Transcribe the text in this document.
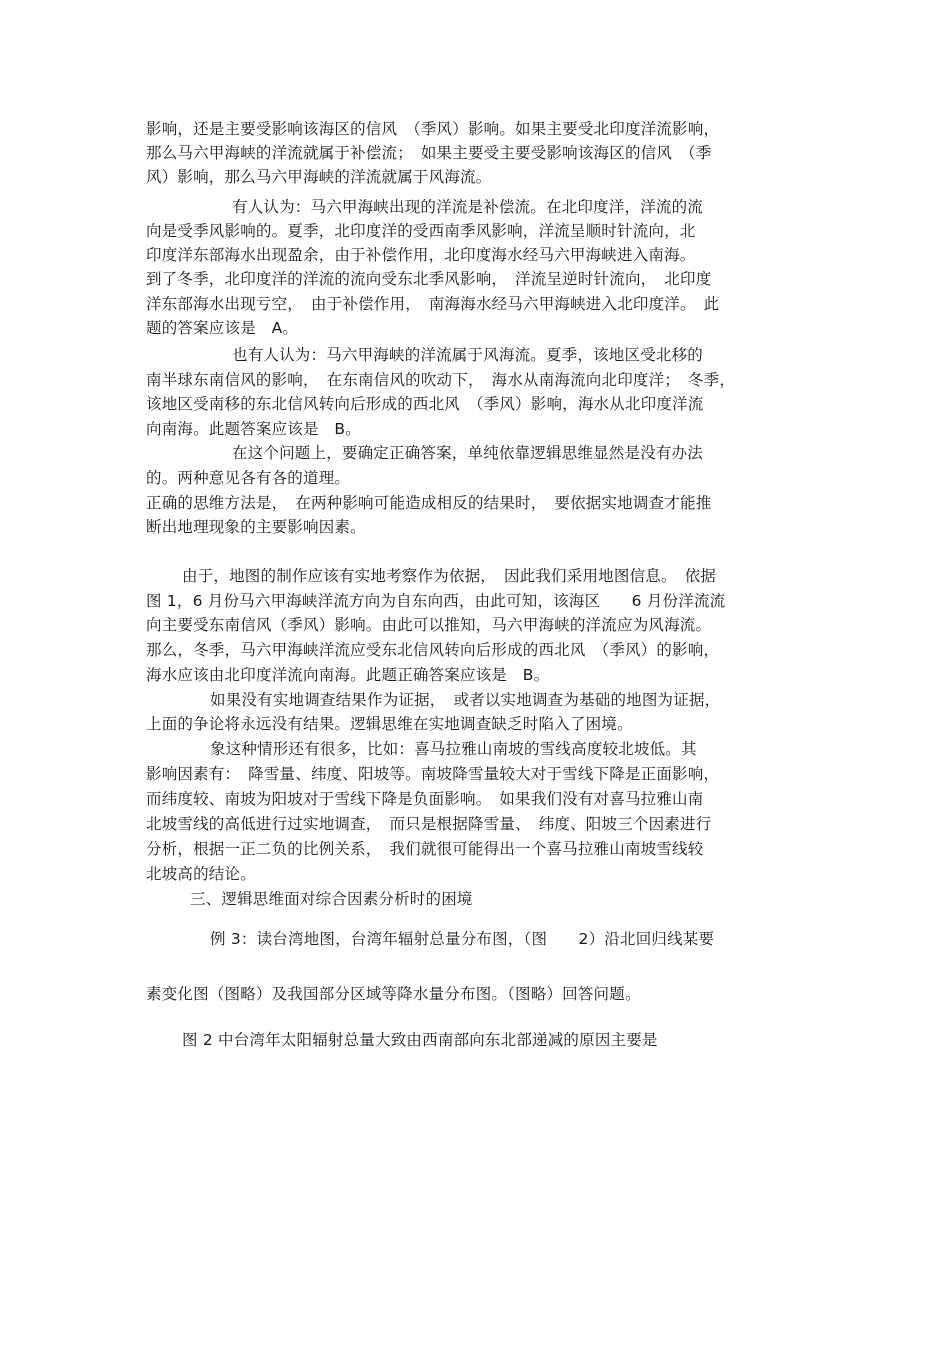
影响，还是主要受影响该海区的信风　（季风）影响。如果主要受北印度洋流影响，

那么马六甲海峡的洋流就属于补偿流；　如果主要受主要受影响该海区的信风　（季

风）影响，那么马六甲海峡的洋流就属于风海流。

有人认为：马六甲海峡出现的洋流是补偿流。在北印度洋，洋流的流

向是受季风影响的。夏季，北印度洋的受西南季风影响，洋流呈顺时针流向，北

印度洋东部海水出现盈余，由于补偿作用，北印度海水经马六甲海峡进入南海。

到了冬季，北印度洋的洋流的流向受东北季风影响，　洋流呈逆时针流向，　北印度

洋东部海水出现亏空，　由于补偿作用，　南海海水经马六甲海峡进入北印度洋。　此

题的答案应该是　A。

也有人认为：马六甲海峡的洋流属于风海流。夏季，该地区受北移的

南半球东南信风的影响，　在东南信风的吹动下，　海水从南海流向北印度洋；　冬季，

该地区受南移的东北信风转向后形成的西北风　（季风）影响，海水从北印度洋流

向南海。此题答案应该是　B。

在这个问题上，要确定正确答案，单纯依靠逻辑思维显然是没有办法

的。两种意见各有各的道理。

正确的思维方法是，　在两种影响可能造成相反的结果时，　要依据实地调查才能推

断出地理现象的主要影响因素。

由于，地图的制作应该有实地考察作为依据，　因此我们采用地图信息。　依据

图 1，6 月份马六甲海峡洋流方向为自东向西，由此可知，该海区　　6 月份洋流流

向主要受东南信风（季风）影响。由此可以推知，马六甲海峡的洋流应为风海流。

那么，冬季，马六甲海峡洋流应受东北信风转向后形成的西北风　（季风）的影响，

海水应该由北印度洋流向南海。此题正确答案应该是　B。

如果没有实地调查结果作为证据，　或者以实地调查为基础的地图为证据，

上面的争论将永远没有结果。逻辑思维在实地调查缺乏时陷入了困境。

象这种情形还有很多，比如：喜马拉雅山南坡的雪线高度较北坡低。其

影响因素有：　降雪量、纬度、阳坡等。南坡降雪量较大对于雪线下降是正面影响，

而纬度较、南坡为阳坡对于雪线下降是负面影响。　如果我们没有对喜马拉雅山南

北坡雪线的高低进行过实地调查，　而只是根据降雪量、　纬度、阳坡三个因素进行

分析，根据一正二负的比例关系，　我们就很可能得出一个喜马拉雅山南坡雪线较

北坡高的结论。

三、逻辑思维面对综合因素分析时的困境

例 3：读台湾地图，台湾年辐射总量分布图，（图　　2）沿北回归线某要

素变化图（图略）及我国部分区域等降水量分布图。（图略）回答问题。

图 2 中台湾年太阳辐射总量大致由西南部向东北部递减的原因主要是
